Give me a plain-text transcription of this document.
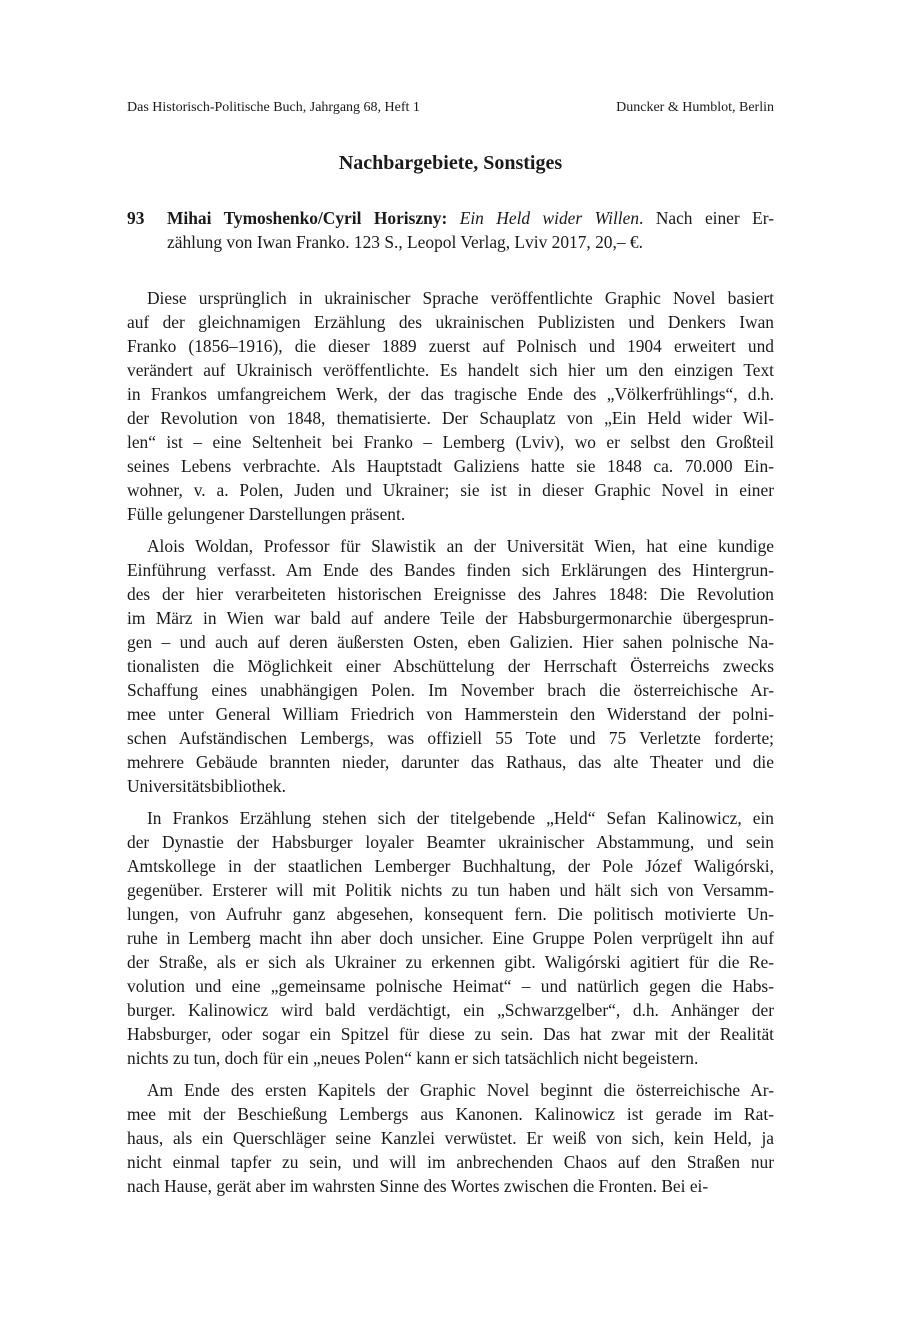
Das Historisch-Politische Buch, Jahrgang 68, Heft 1	Duncker & Humblot, Berlin
Nachbargebiete, Sonstiges
93	Mihai Tymoshenko/Cyril Horiszny: Ein Held wider Willen. Nach einer Er-
zählung von Iwan Franko. 123 S., Leopol Verlag, Lviv 2017, 20,– €.
Diese ursprünglich in ukrainischer Sprache veröffentlichte Graphic Novel basiert
auf der gleichnamigen Erzählung des ukrainischen Publizisten und Denkers Iwan
Franko (1856–1916), die dieser 1889 zuerst auf Polnisch und 1904 erweitert und
verändert auf Ukrainisch veröffentlichte. Es handelt sich hier um den einzigen Text
in Frankos umfangreichem Werk, der das tragische Ende des „Völkerfrühlings“, d.h.
der Revolution von 1848, thematisierte. Der Schauplatz von „Ein Held wider Wil-
len“ ist – eine Seltenheit bei Franko – Lemberg (Lviv), wo er selbst den Großteil
seines Lebens verbrachte. Als Hauptstadt Galiziens hatte sie 1848 ca. 70.000 Ein-
wohner, v. a. Polen, Juden und Ukrainer; sie ist in dieser Graphic Novel in einer
Fülle gelungener Darstellungen präsent.
Alois Woldan, Professor für Slawistik an der Universität Wien, hat eine kundige
Einführung verfasst. Am Ende des Bandes finden sich Erklärungen des Hintergrun-
des der hier verarbeiteten historischen Ereignisse des Jahres 1848: Die Revolution
im März in Wien war bald auf andere Teile der Habsburgermonarchie übergesprun-
gen – und auch auf deren äußersten Osten, eben Galizien. Hier sahen polnische Na-
tionalisten die Möglichkeit einer Abschüttelung der Herrschaft Österreichs zwecks
Schaffung eines unabhängigen Polen. Im November brach die österreichische Ar-
mee unter General William Friedrich von Hammerstein den Widerstand der polni-
schen Aufständischen Lembergs, was offiziell 55 Tote und 75 Verletzte forderte;
mehrere Gebäude brannten nieder, darunter das Rathaus, das alte Theater und die
Universitätsbibliothek.
In Frankos Erzählung stehen sich der titelgebende „Held“ Sefan Kalinowicz, ein
der Dynastie der Habsburger loyaler Beamter ukrainischer Abstammung, und sein
Amtskollege in der staatlichen Lemberger Buchhaltung, der Pole Józef Waligórski,
gegenüber. Ersterer will mit Politik nichts zu tun haben und hält sich von Versamm-
lungen, von Aufruhr ganz abgesehen, konsequent fern. Die politisch motivierte Un-
ruhe in Lemberg macht ihn aber doch unsicher. Eine Gruppe Polen verprügelt ihn auf
der Straße, als er sich als Ukrainer zu erkennen gibt. Waligórski agitiert für die Re-
volution und eine „gemeinsame polnische Heimat“ – und natürlich gegen die Habs-
burger. Kalinowicz wird bald verdächtigt, ein „Schwarzgelber“, d.h. Anhänger der
Habsburger, oder sogar ein Spitzel für diese zu sein. Das hat zwar mit der Realität
nichts zu tun, doch für ein „neues Polen“ kann er sich tatsächlich nicht begeistern.
Am Ende des ersten Kapitels der Graphic Novel beginnt die österreichische Ar-
mee mit der Beschießung Lembergs aus Kanonen. Kalinowicz ist gerade im Rat-
haus, als ein Querschläger seine Kanzlei verwüstet. Er weiß von sich, kein Held, ja
nicht einmal tapfer zu sein, und will im anbrechenden Chaos auf den Straßen nur
nach Hause, gerät aber im wahrsten Sinne des Wortes zwischen die Fronten. Bei ei-
